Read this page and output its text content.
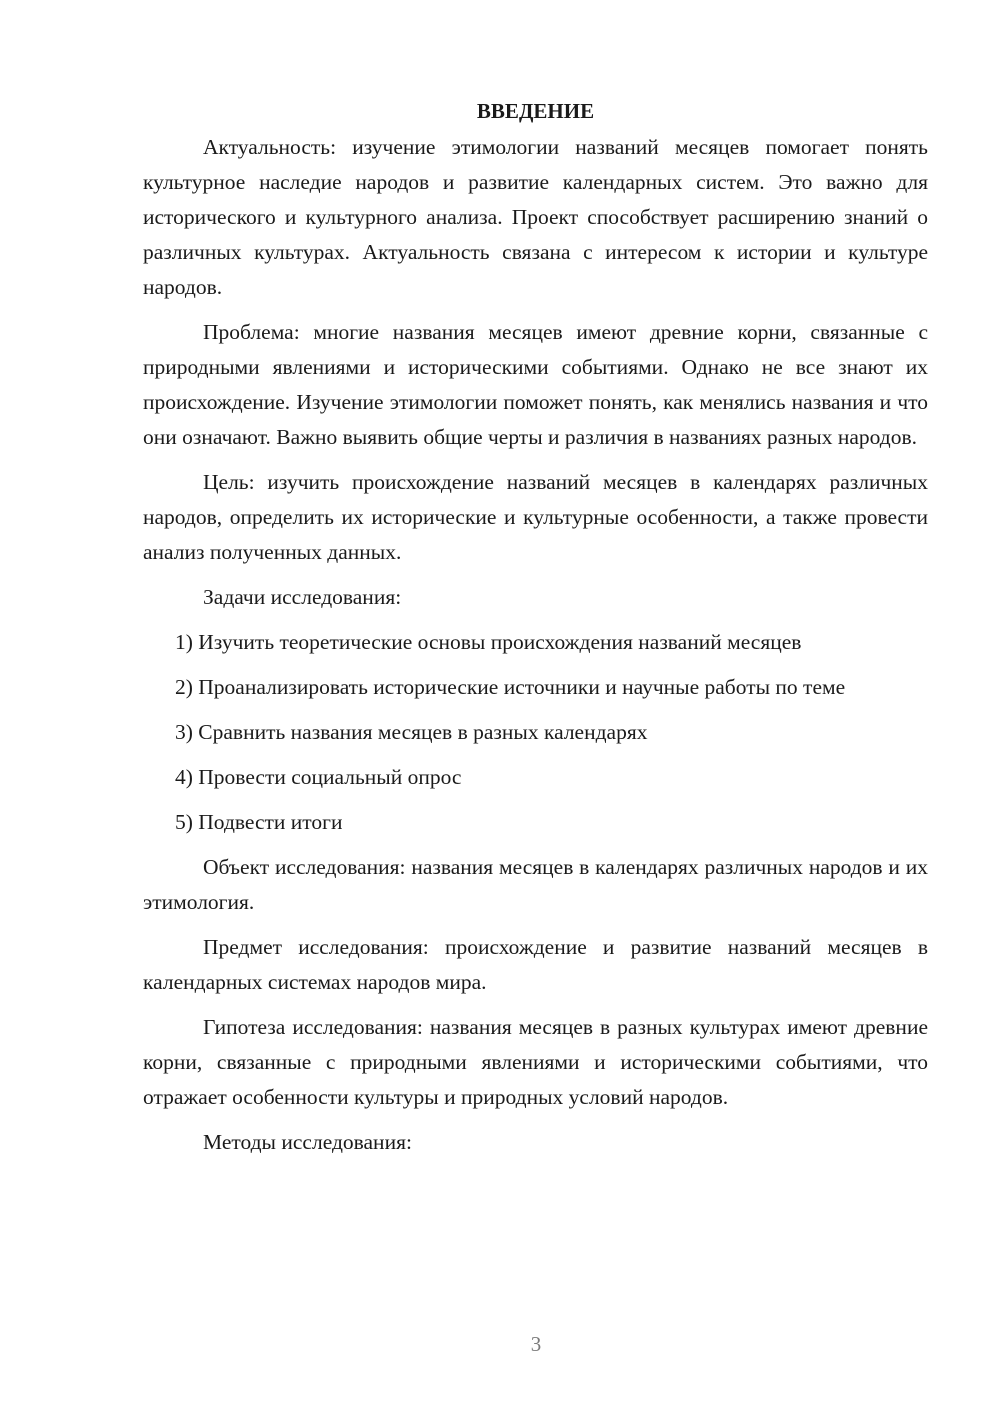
ВВЕДЕНИЕ

Актуальность: изучение этимологии названий месяцев помогает понять культурное наследие народов и развитие календарных систем. Это важно для исторического и культурного анализа. Проект способствует расширению знаний о различных культурах. Актуальность связана с интересом к истории и культуре народов.

Проблема: многие названия месяцев имеют древние корни, связанные с природными явлениями и историческими событиями. Однако не все знают их происхождение. Изучение этимологии поможет понять, как менялись названия и что они означают. Важно выявить общие черты и различия в названиях разных народов.

Цель: изучить происхождение названий месяцев в календарях различных народов, определить их исторические и культурные особенности, а также провести анализ полученных данных.

Задачи исследования:

1) Изучить теоретические основы происхождения названий месяцев

2) Проанализировать исторические источники и научные работы по теме

3) Сравнить названия месяцев в разных календарях

4) Провести социальный опрос

5) Подвести итоги

Объект исследования: названия месяцев в календарях различных народов и их этимология.

Предмет исследования: происхождение и развитие названий месяцев в календарных системах народов мира.

Гипотеза исследования: названия месяцев в разных культурах имеют древние корни, связанные с природными явлениями и историческими событиями, что отражает особенности культуры и природных условий народов.

Методы исследования:

3
